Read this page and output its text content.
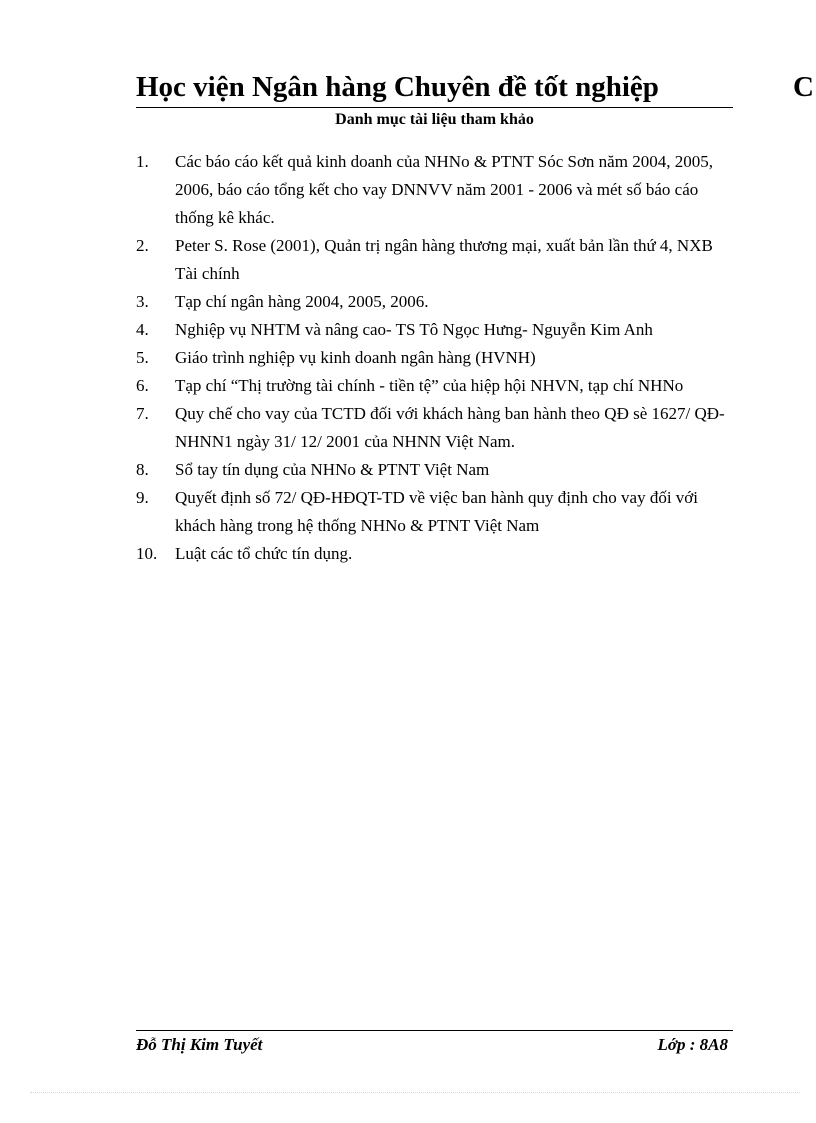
Học viện Ngân hàng Chuyên đề tốt nghiệp	C
Danh mục tài liệu tham khảo
1.	Các báo cáo kết quả kinh doanh của NHNo & PTNT Sóc Sơn năm 2004, 2005, 2006, báo cáo tổng kết cho vay DNNVV năm 2001 - 2006 và mét số báo cáo thống kê khác.
2.	Peter S. Rose (2001), Quản trị ngân hàng thương mại, xuất bản lần thứ 4, NXB Tài chính
3.	Tạp chí ngân hàng 2004, 2005, 2006.
4.	Nghiệp vụ NHTM và nâng cao- TS Tô Ngọc Hưng- Nguyễn Kim Anh
5.	Giáo trình nghiệp vụ kinh doanh ngân hàng (HVNH)
6.	Tạp chí “Thị trường tài chính - tiền tệ” của hiệp hội NHVN, tạp chí NHNo
7.	Quy chế cho vay của TCTD đối với khách hàng ban hành theo QĐ sè 1627/ QĐ-NHNN1 ngày 31/ 12/ 2001 của NHNN Việt Nam.
8.	Sổ tay tín dụng của NHNo & PTNT Việt Nam
9.	Quyết định số 72/ QĐ-HĐQT-TD về việc ban hành quy định cho vay đối với khách hàng trong hệ thống NHNo & PTNT Việt Nam
10.	Luật các tổ chức tín dụng.
Đỗ Thị Kim Tuyết	Lớp : 8A8
